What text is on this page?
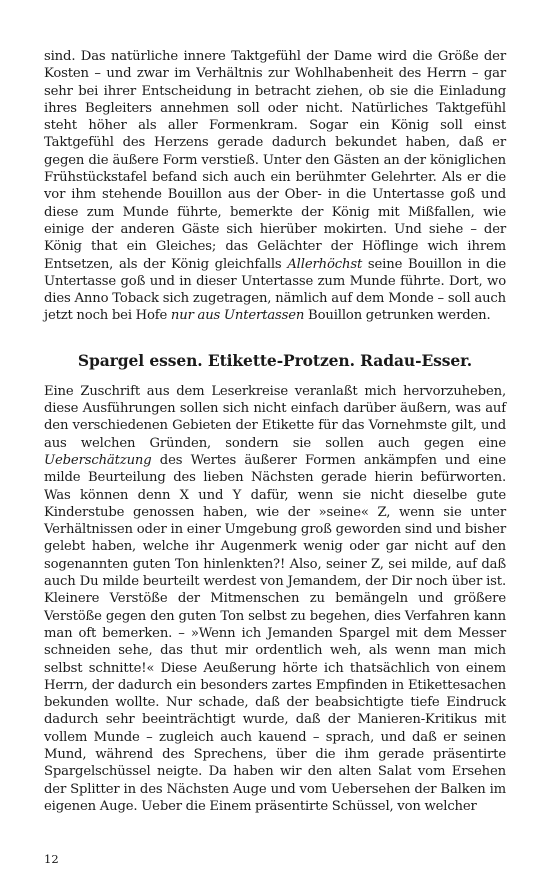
sind. Das natürliche innere Taktgefühl der Dame wird die Größe der Kosten – und zwar im Verhältnis zur Wohlhabenheit des Herrn – gar sehr bei ihrer Entscheidung in betracht ziehen, ob sie die Einladung ihres Begleiters annehmen soll oder nicht. Natürliches Taktgefühl steht höher als aller Formenkram. Sogar ein König soll einst Taktgefühl des Herzens gerade dadurch bekundet haben, daß er gegen die äußere Form verstieß. Unter den Gästen an der königlichen Frühstückstafel befand sich auch ein berühmter Gelehrter. Als er die vor ihm stehende Bouillon aus der Ober- in die Untertasse goß und diese zum Munde führte, bemerkte der König mit Mißfallen, wie einige der anderen Gäste sich hierüber mokirten. Und siehe – der König that ein Gleiches; das Gelächter der Höflinge wich ihrem Entsetzen, als der König gleichfalls Allerhöchst seine Bouillon in die Untertasse goß und in dieser Untertasse zum Munde führte. Dort, wo dies Anno Toback sich zugetragen, nämlich auf dem Monde – soll auch jetzt noch bei Hofe nur aus Untertassen Bouillon getrunken werden.

Spargel essen. Etikette-Protzen. Radau-Esser.

Eine Zuschrift aus dem Leserkreise veranlaßt mich hervorzuheben, diese Ausführungen sollen sich nicht einfach darüber äußern, was auf den verschiedenen Gebieten der Etikette für das Vornehmste gilt, und aus welchen Gründen, sondern sie sollen auch gegen eine Ueberschätzung des Wertes äußerer Formen ankämpfen und eine milde Beurteilung des lieben Nächsten gerade hierin befürworten. Was können denn X und Y dafür, wenn sie nicht dieselbe gute Kinderstube genossen haben, wie der »seine« Z, wenn sie unter Verhältnissen oder in einer Umgebung groß geworden sind und bisher gelebt haben, welche ihr Augenmerk wenig oder gar nicht auf den sogenannten guten Ton hinlenkten?! Also, seiner Z, sei milde, auf daß auch Du milde beurteilt werdest von Jemandem, der Dir noch über ist. Kleinere Verstöße der Mitmenschen zu bemängeln und größere Verstöße gegen den guten Ton selbst zu begehen, dies Verfahren kann man oft bemerken. – »Wenn ich Jemanden Spargel mit dem Messer schneiden sehe, das thut mir ordentlich weh, als wenn man mich selbst schnitte!« Diese Aeußerung hörte ich thatsächlich von einem Herrn, der dadurch ein besonders zartes Empfinden in Etikettesachen bekunden wollte. Nur schade, daß der beabsichtigte tiefe Eindruck dadurch sehr beeinträchtigt wurde, daß der Manieren-Kritikus mit vollem Munde – zugleich auch kauend – sprach, und daß er seinen Mund, während des Sprechens, über die ihm gerade präsentirte Spargelschüssel neigte. Da haben wir den alten Salat vom Ersehen der Splitter in des Nächsten Auge und vom Uebersehen der Balken im eigenen Auge. Ueber die Einem präsentirte Schüssel, von welcher

12
